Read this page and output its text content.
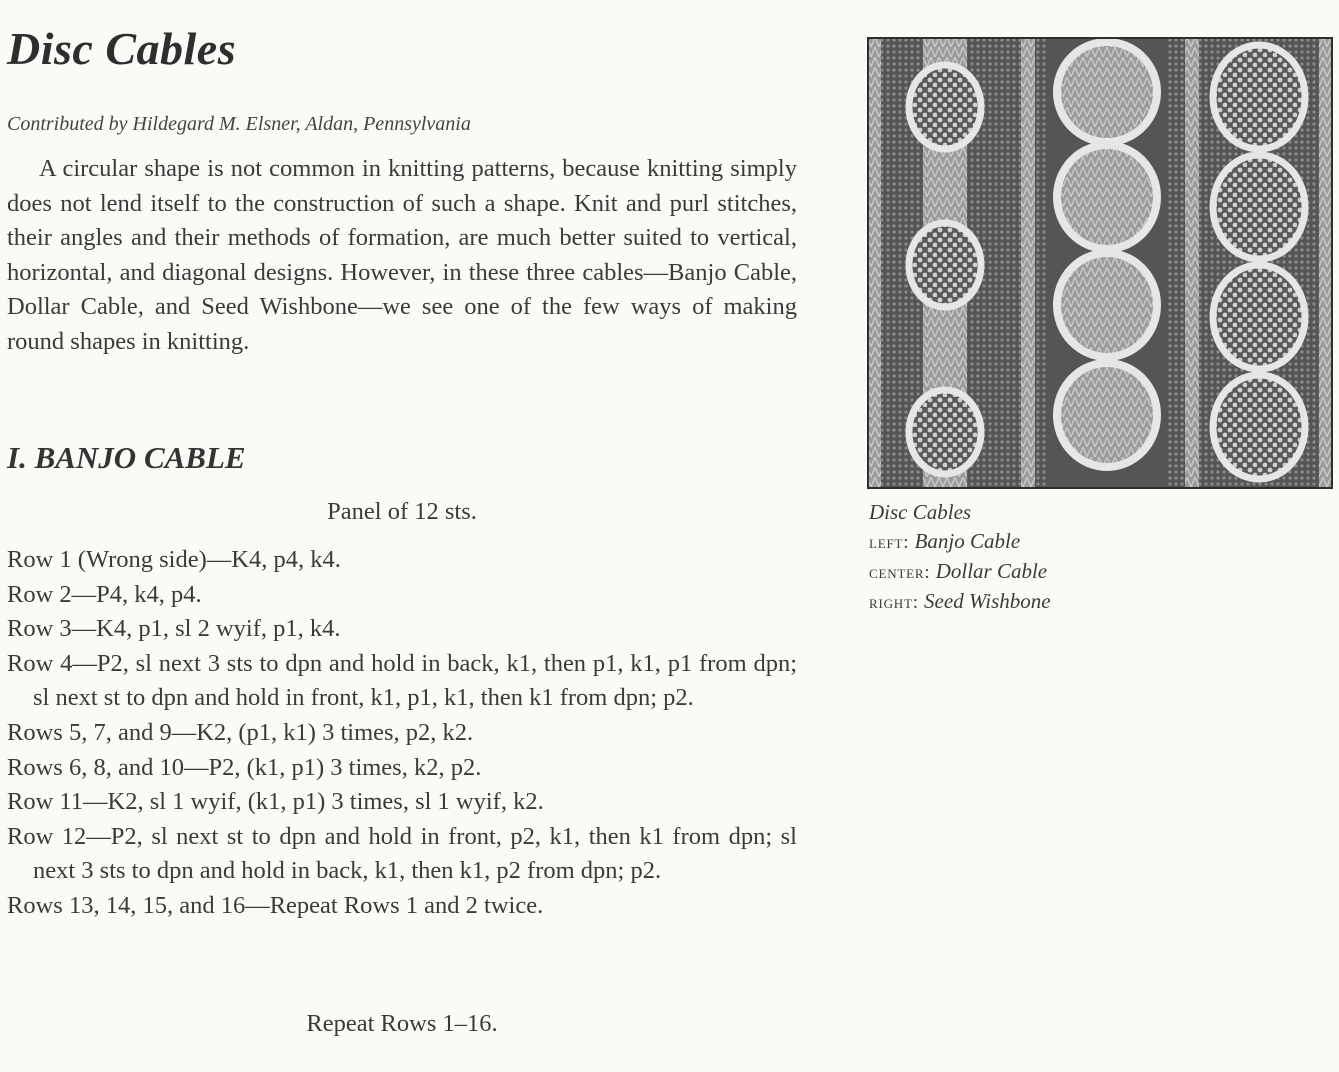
Disc Cables

Contributed by Hildegard M. Elsner, Aldan, Pennsylvania

A circular shape is not common in knitting patterns, because knitting simply does not lend itself to the construction of such a shape. Knit and purl stitches, their angles and their methods of formation, are much better suited to vertical, horizontal, and diagonal designs. However, in these three cables—Banjo Cable, Dollar Cable, and Seed Wishbone—we see one of the few ways of making round shapes in knitting.

I. BANJO CABLE

Panel of 12 sts.

Row 1 (Wrong side)—K4, p4, k4.
Row 2—P4, k4, p4.
Row 3—K4, p1, sl 2 wyif, p1, k4.
Row 4—P2, sl next 3 sts to dpn and hold in back, k1, then p1, k1, p1 from dpn; sl next st to dpn and hold in front, k1, p1, k1, then k1 from dpn; p2.
Rows 5, 7, and 9—K2, (p1, k1) 3 times, p2, k2.
Rows 6, 8, and 10—P2, (k1, p1) 3 times, k2, p2.
Row 11—K2, sl 1 wyif, (k1, p1) 3 times, sl 1 wyif, k2.
Row 12—P2, sl next st to dpn and hold in front, p2, k1, then k1 from dpn; sl next 3 sts to dpn and hold in back, k1, then k1, p2 from dpn; p2.
Rows 13, 14, 15, and 16—Repeat Rows 1 and 2 twice.

Repeat Rows 1–16.

Disc Cables
left: Banjo Cable
center: Dollar Cable
right: Seed Wishbone
